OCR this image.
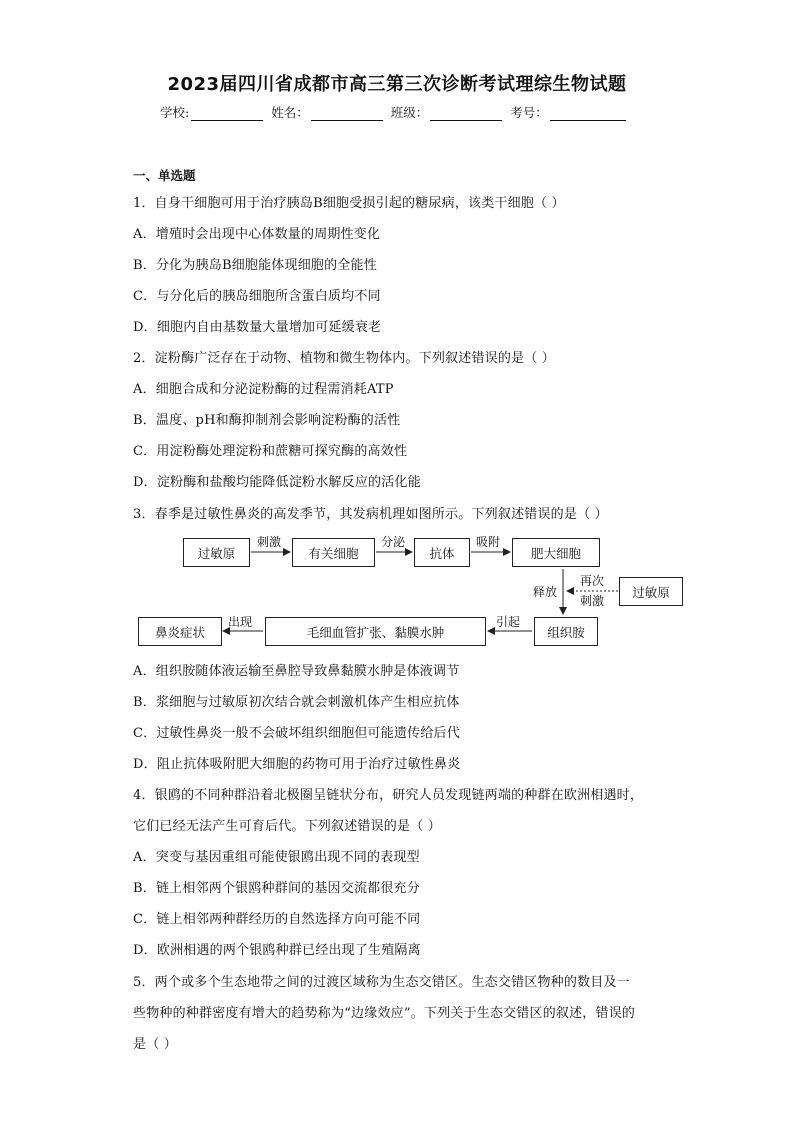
2023届四川省成都市高三第三次诊断考试理综生物试题
学校:	姓名：	班级：	考号：
一、单选题
1．自身干细胞可用于治疗胰岛B细胞受损引起的糖尿病，该类干细胞（ ）
A．增殖时会出现中心体数量的周期性变化
B．分化为胰岛B细胞能体现细胞的全能性
C．与分化后的胰岛细胞所含蛋白质均不同
D．细胞内自由基数量大量增加可延缓衰老
2．淀粉酶广泛存在于动物、植物和微生物体内。下列叙述错误的是（ ）
A．细胞合成和分泌淀粉酶的过程需消耗ATP
B．温度、pH和酶抑制剂会影响淀粉酶的活性
C．用淀粉酶处理淀粉和蔗糖可探究酶的高效性
D．淀粉酶和盐酸均能降低淀粉水解反应的活化能
3．春季是过敏性鼻炎的高发季节，其发病机理如图所示。下列叙述错误的是（ ）
过敏原	有关细胞	抗体	肥大细胞
过敏原
组织胺
毛细血管扩张、黏膜水肿
鼻炎症状
刺激	分泌	吸附
释放
再次
刺激
引起
出现
A．组织胺随体液运输至鼻腔导致鼻黏膜水肿是体液调节
B．浆细胞与过敏原初次结合就会刺激机体产生相应抗体
C．过敏性鼻炎一般不会破坏组织细胞但可能遗传给后代
D．阻止抗体吸附肥大细胞的药物可用于治疗过敏性鼻炎
4．银鸥的不同种群沿着北极圈呈链状分布，研究人员发现链两端的种群在欧洲相遇时，
它们已经无法产生可育后代。下列叙述错误的是（ ）
A．突变与基因重组可能使银鸥出现不同的表现型
B．链上相邻两个银鸥种群间的基因交流都很充分
C．链上相邻两种群经历的自然选择方向可能不同
D．欧洲相遇的两个银鸥种群已经出现了生殖隔离
5．两个或多个生态地带之间的过渡区域称为生态交错区。生态交错区物种的数目及一
些物种的种群密度有增大的趋势称为“边缘效应”。下列关于生态交错区的叙述，错误的
是（ ）
